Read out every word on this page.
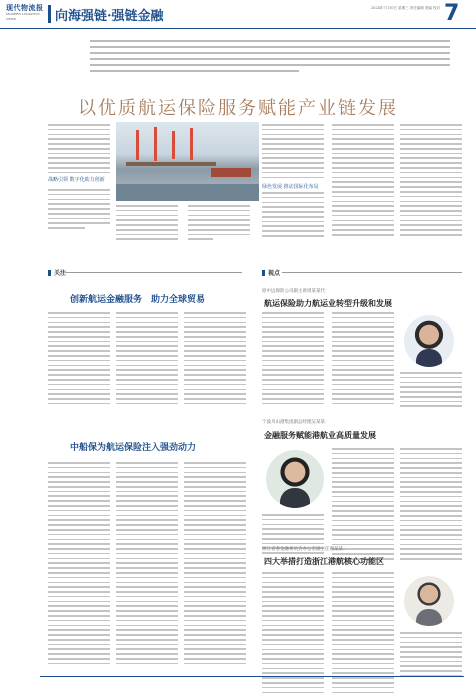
现代物流报
MODERN LOGISTICS NEWS	向海强链·强链金融
2024年7月10日 星期三 责任编辑 美编 校对 7
以优质航运保险服务赋能产业链发展
战略引领 数字化助力创新
绿色发展 推动国际化布局
关注
创新航运金融服务　助力全球贸易
中船保为航运保险注入强劲动力
视点
原中远保险公司副主席周某某代：
航运保险助力航运业转型升级和发展
宁波舟山港集团副总经理吴某某：
金融服务赋能港航业高质量发展
浙江省委金融委员会办公室副主任谢某某：
四大举措打造浙江港航核心功能区
